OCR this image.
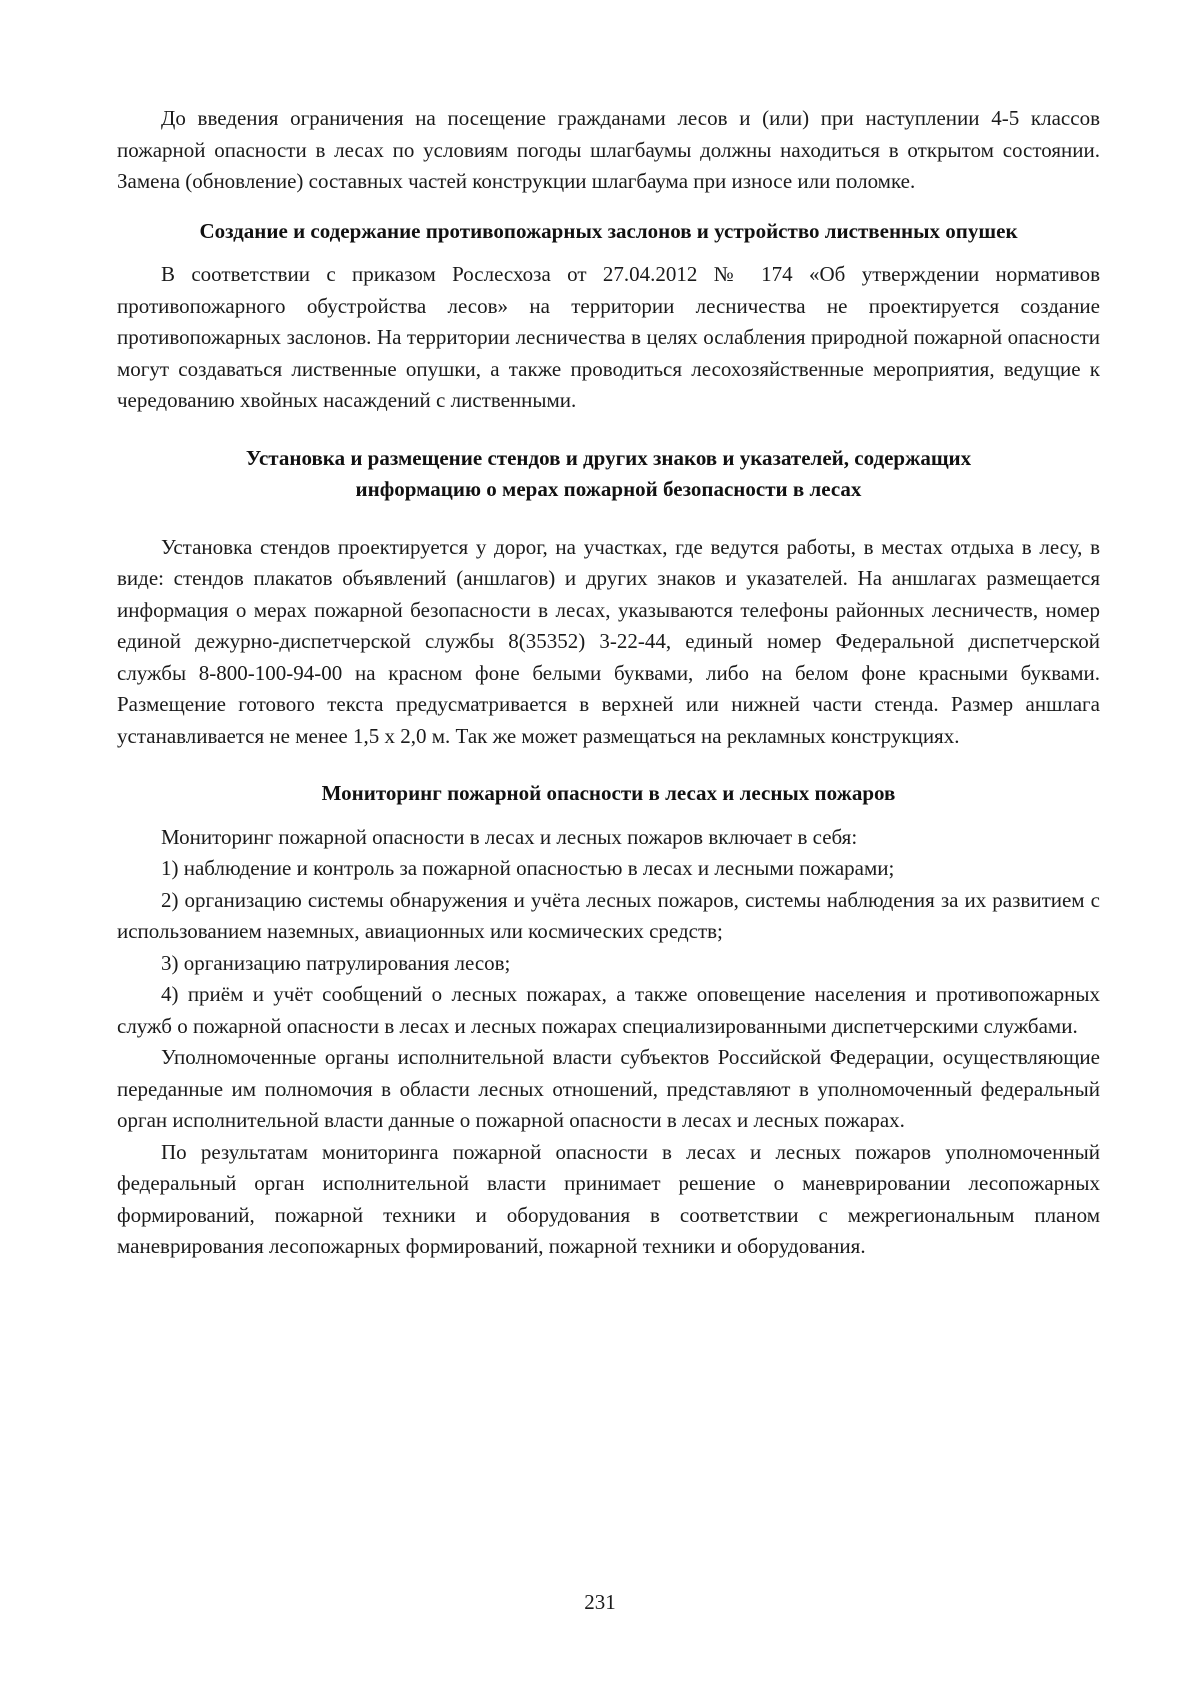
До введения ограничения на посещение гражданами лесов и (или) при наступлении 4-5 классов пожарной опасности в лесах по условиям погоды шлагбаумы должны находиться в открытом состоянии. Замена (обновление) составных частей конструкции шлагбаума при износе или поломке.

Создание и содержание противопожарных заслонов и устройство лиственных опушек

В соответствии с приказом Рослесхоза от 27.04.2012 № 174 «Об утверждении нормативов противопожарного обустройства лесов» на территории лесничества не проектируется создание противопожарных заслонов. На территории лесничества в целях ослабления природной пожарной опасности могут создаваться лиственные опушки, а также проводиться лесохозяйственные мероприятия, ведущие к чередованию хвойных насаждений с лиственными.

Установка и размещение стендов и других знаков и указателей, содержащих
информацию о мерах пожарной безопасности в лесах

Установка стендов проектируется у дорог, на участках, где ведутся работы, в местах отдыха в лесу, в виде: стендов плакатов объявлений (аншлагов) и других знаков и указателей. На аншлагах размещается информация о мерах пожарной безопасности в лесах, указываются телефоны районных лесничеств, номер единой дежурно-диспетчерской службы 8(35352) 3-22-44, единый номер Федеральной диспетчерской службы 8-800-100-94-00 на красном фоне белыми буквами, либо на белом фоне красными буквами. Размещение готового текста предусматривается в верхней или нижней части стенда. Размер аншлага устанавливается не менее 1,5 х 2,0 м. Так же может размещаться на рекламных конструкциях.

Мониторинг пожарной опасности в лесах и лесных пожаров

Мониторинг пожарной опасности в лесах и лесных пожаров включает в себя:

1) наблюдение и контроль за пожарной опасностью в лесах и лесными пожарами;

2) организацию системы обнаружения и учёта лесных пожаров, системы наблюдения за их развитием с использованием наземных, авиационных или космических средств;

3) организацию патрулирования лесов;

4) приём и учёт сообщений о лесных пожарах, а также оповещение населения и противопожарных служб о пожарной опасности в лесах и лесных пожарах специализированными диспетчерскими службами.

Уполномоченные органы исполнительной власти субъектов Российской Федерации, осуществляющие переданные им полномочия в области лесных отношений, представляют в уполномоченный федеральный орган исполнительной власти данные о пожарной опасности в лесах и лесных пожарах.

По результатам мониторинга пожарной опасности в лесах и лесных пожаров уполномоченный федеральный орган исполнительной власти принимает решение о маневрировании лесопожарных формирований, пожарной техники и оборудования в соответствии с межрегиональным планом маневрирования лесопожарных формирований, пожарной техники и оборудования.

231
